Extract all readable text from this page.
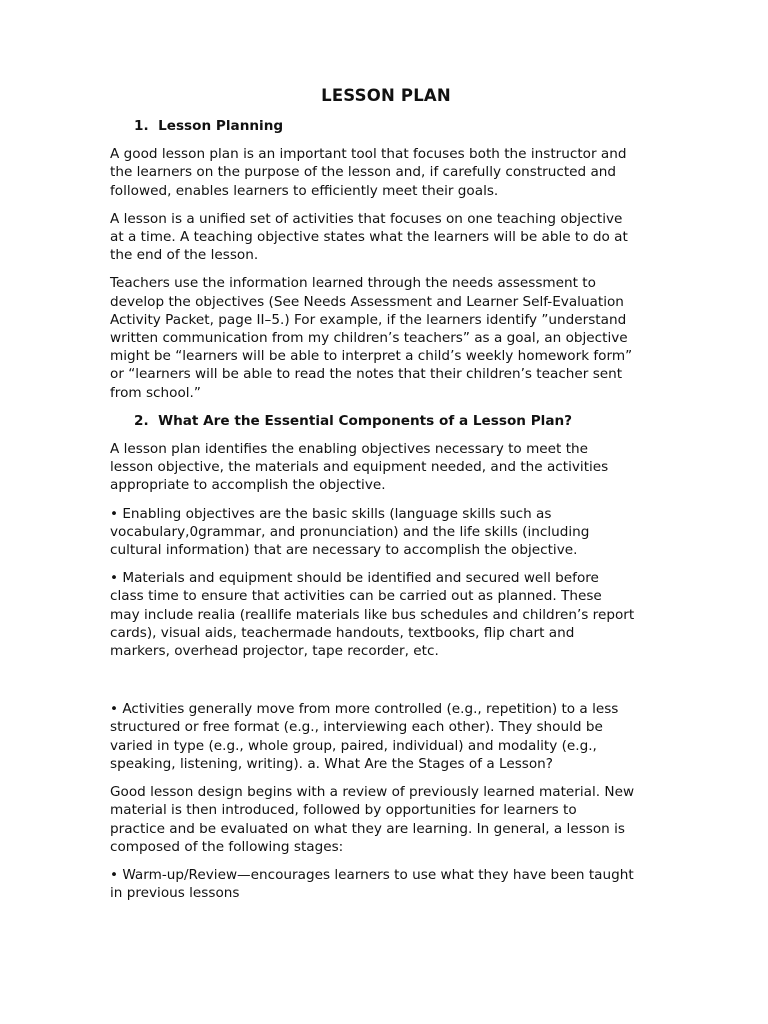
LESSON PLAN
1.  Lesson Planning
A good lesson plan is an important tool that focuses both the instructor and
the learners on the purpose of the lesson and, if carefully constructed and
followed, enables learners to efficiently meet their goals.
A lesson is a unified set of activities that focuses on one teaching objective
at a time. A teaching objective states what the learners will be able to do at
the end of the lesson.
Teachers use the information learned through the needs assessment to
develop the objectives (See Needs Assessment and Learner Self-Evaluation
Activity Packet, page II–5.) For example, if the learners identify ”understand
written communication from my children’s teachers” as a goal, an objective
might be “learners will be able to interpret a child’s weekly homework form”
or “learners will be able to read the notes that their children’s teacher sent
from school.”
2.  What Are the Essential Components of a Lesson Plan?
A lesson plan identifies the enabling objectives necessary to meet the
lesson objective, the materials and equipment needed, and the activities
appropriate to accomplish the objective.
• Enabling objectives are the basic skills (language skills such as
vocabulary,0grammar, and pronunciation) and the life skills (including
cultural information) that are necessary to accomplish the objective.
• Materials and equipment should be identified and secured well before
class time to ensure that activities can be carried out as planned. These
may include realia (reallife materials like bus schedules and children’s report
cards), visual aids, teachermade handouts, textbooks, flip chart and
markers, overhead projector, tape recorder, etc.
• Activities generally move from more controlled (e.g., repetition) to a less
structured or free format (e.g., interviewing each other). They should be
varied in type (e.g., whole group, paired, individual) and modality (e.g.,
speaking, listening, writing). a. What Are the Stages of a Lesson?
Good lesson design begins with a review of previously learned material. New
material is then introduced, followed by opportunities for learners to
practice and be evaluated on what they are learning. In general, a lesson is
composed of the following stages:
• Warm-up/Review—encourages learners to use what they have been taught
in previous lessons
